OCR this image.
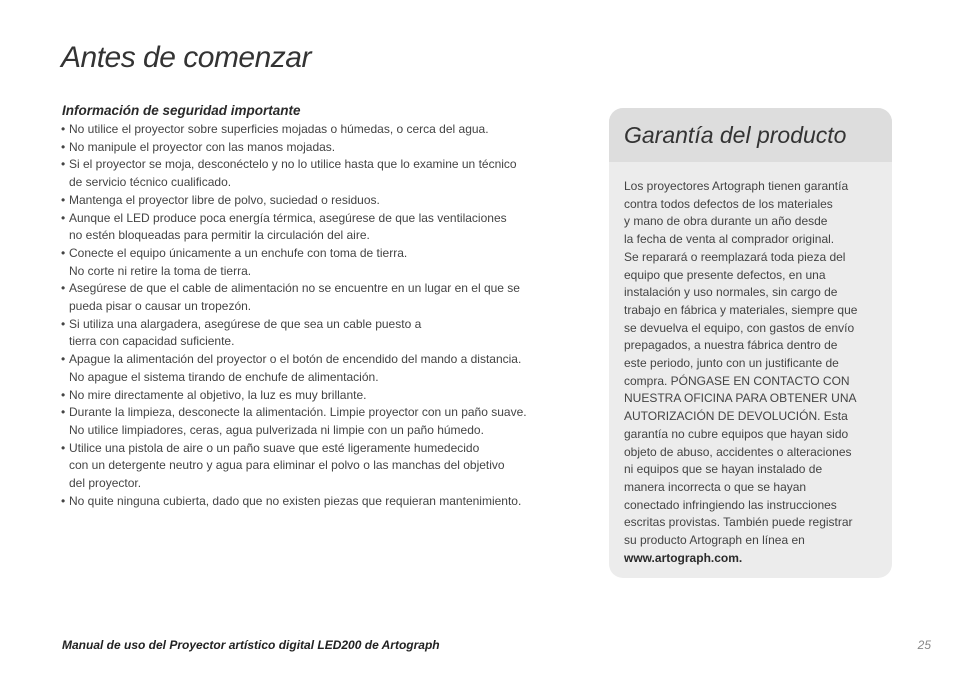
Antes de comenzar
Información de seguridad importante
• No utilice el proyector sobre superficies mojadas o húmedas, o cerca del agua.
• No manipule el proyector con las manos mojadas.
• Si el proyector se moja, desconéctelo y no lo utilice hasta que lo examine un técnico
de servicio técnico cualificado.
• Mantenga el proyector libre de polvo, suciedad o residuos.
• Aunque el LED produce poca energía térmica, asegúrese de que las ventilaciones
no estén bloqueadas para permitir la circulación del aire.
• Conecte el equipo únicamente a un enchufe con toma de tierra.
No corte ni retire la toma de tierra.
• Asegúrese de que el cable de alimentación no se encuentre en un lugar en el que se
pueda pisar o causar un tropezón.
• Si utiliza una alargadera, asegúrese de que sea un cable puesto a
tierra con capacidad suficiente.
• Apague la alimentación del proyector o el botón de encendido del mando a distancia.
No apague el sistema tirando de enchufe de alimentación.
• No mire directamente al objetivo, la luz es muy brillante.
• Durante la limpieza, desconecte la alimentación. Limpie proyector con un paño suave.
No utilice limpiadores, ceras, agua pulverizada ni limpie con un paño húmedo.
• Utilice una pistola de aire o un paño suave que esté ligeramente humedecido
con un detergente neutro y agua para eliminar el polvo o las manchas del objetivo
del proyector.
• No quite ninguna cubierta, dado que no existen piezas que requieran mantenimiento.
Garantía del producto
Los proyectores Artograph tienen garantía
contra todos defectos de los materiales
y mano de obra durante un año desde
la fecha de venta al comprador original.
Se reparará o reemplazará toda pieza del
equipo que presente defectos, en una
instalación y uso normales, sin cargo de
trabajo en fábrica y materiales, siempre que
se devuelva el equipo, con gastos de envío
prepagados, a nuestra fábrica dentro de
este periodo, junto con un justificante de
compra. PÓNGASE EN CONTACTO CON
NUESTRA OFICINA PARA OBTENER UNA
AUTORIZACIÓN DE DEVOLUCIÓN. Esta
garantía no cubre equipos que hayan sido
objeto de abuso, accidentes o alteraciones
ni equipos que se hayan instalado de
manera incorrecta o que se hayan
conectado infringiendo las instrucciones
escritas provistas. También puede registrar
su producto Artograph en línea en
www.artograph.com.
Manual de uso del Proyector artístico digital LED200 de Artograph	25
